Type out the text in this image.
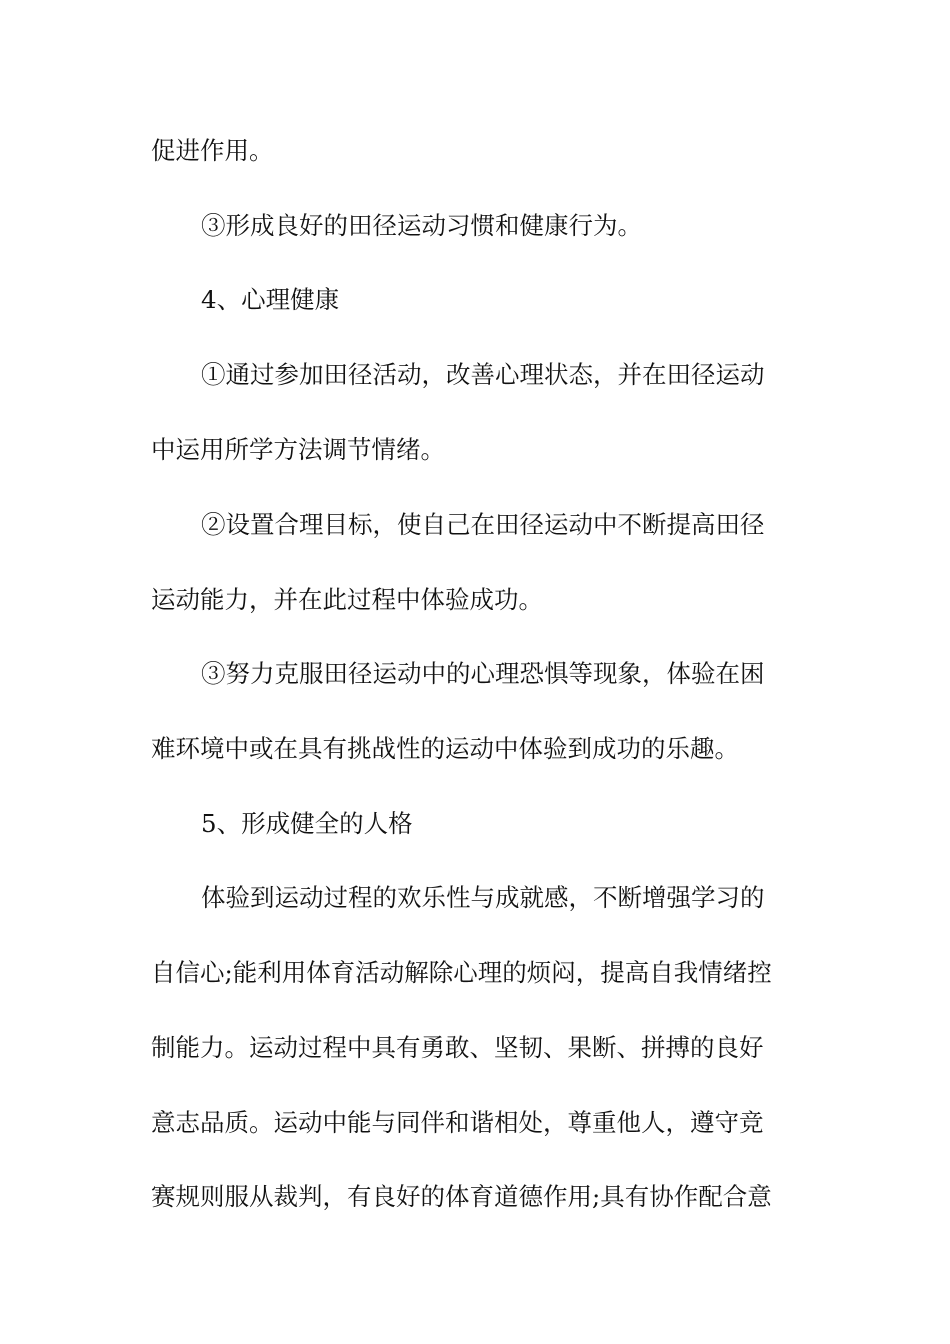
促进作用。

③形成良好的田径运动习惯和健康行为。

4、心理健康

①通过参加田径活动，改善心理状态，并在田径运动

中运用所学方法调节情绪。

②设置合理目标，使自己在田径运动中不断提高田径

运动能力，并在此过程中体验成功。

③努力克服田径运动中的心理恐惧等现象，体验在困

难环境中或在具有挑战性的运动中体验到成功的乐趣。

5、形成健全的人格

体验到运动过程的欢乐性与成就感，不断增强学习的

自信心;能利用体育活动解除心理的烦闷，提高自我情绪控

制能力。运动过程中具有勇敢、坚韧、果断、拼搏的良好

意志品质。运动中能与同伴和谐相处，尊重他人，遵守竞

赛规则服从裁判，有良好的体育道德作用;具有协作配合意
